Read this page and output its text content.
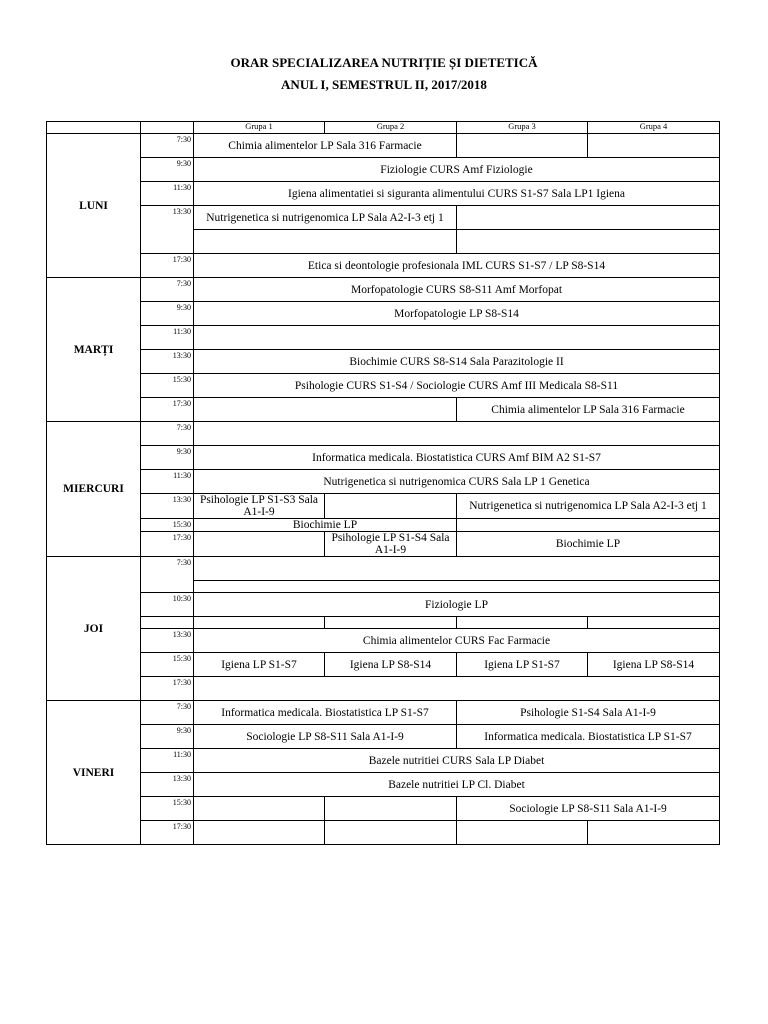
ORAR SPECIALIZAREA NUTRIȚIE ȘI DIETETICĂ
ANUL I, SEMESTRUL II, 2017/2018
		Grupa 1	Grupa 2	Grupa 3	Grupa 4
LUNI	7:30	Chimia alimentelor LP Sala 316 Farmacie			

	9:30	Fiziologie CURS Amf Fiziologie			

	11:30	Igiena alimentatiei si siguranta alimentului CURS S1-S7 Sala LP1 Igiena			

	13:30	Nutrigenetica si nutrigenomica LP Sala A2-I-3 etj 1			

	17:30	Etica si deontologie profesionala IML CURS S1-S7 / LP S8-S14			
MARȚI	7:30	Morfopatologie CURS S8-S11 Amf Morfopat			

	9:30	Morfopatologie LP S8-S14			

	11:30				

	13:30	Biochimie CURS S8-S14 Sala Parazitologie II			

	15:30	Psihologie CURS S1-S4 / Sociologie CURS Amf III Medicala S8-S11			

	17:30			Chimia alimentelor LP Sala 316 Farmacie	
MIERCURI	7:30				

	9:30	Informatica medicala. Biostatistica CURS Amf BIM A2 S1-S7			

	11:30	Nutrigenetica si nutrigenomica CURS Sala LP 1 Genetica			

	13:30	Psihologie LP S1-S3 Sala A1-I-9		Nutrigenetica si nutrigenomica LP Sala A2-I-3 etj 1	

	15:30	Biochimie LP			

	17:30		Psihologie LP S1-S4 Sala A1-I-9	Biochimie LP	
JOI	7:30				

	10:30	Fiziologie LP			

	13:30	Chimia alimentelor CURS Fac Farmacie			

	15:30	Igiena LP S1-S7	Igiena LP S8-S14	Igiena LP S1-S7	Igiena LP S8-S14

	17:30				

VINERI	7:30	Informatica medicala. Biostatistica LP S1-S7		Psihologie S1-S4 Sala A1-I-9	

	9:30	Sociologie LP S8-S11 Sala A1-I-9		Informatica medicala. Biostatistica LP S1-S7	

	11:30	Bazele nutritiei CURS Sala LP Diabet			

	13:30	Bazele nutritiei LP Cl. Diabet			

	15:30			Sociologie LP S8-S11 Sala A1-I-9	

	17:30				
